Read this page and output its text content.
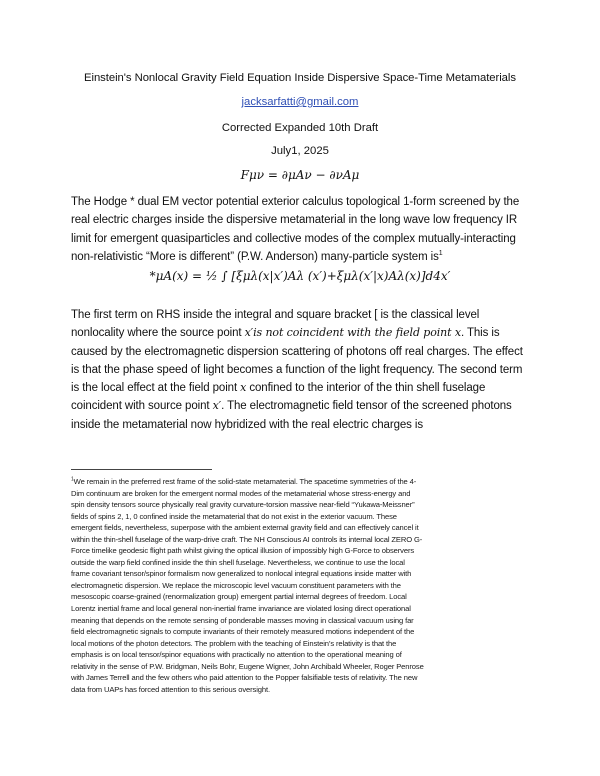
Einstein's Nonlocal Gravity Field Equation Inside Dispersive Space-Time Metamaterials
jacksarfatti@gmail.com
Corrected Expanded 10th Draft
July1, 2025
Fμν = ∂μAν − ∂νAμ
The Hodge * dual EM vector potential exterior calculus topological 1-form screened by the
real electric charges inside the dispersive metamaterial in the long wave low frequency IR
limit for emergent quasiparticles and collective modes of the complex mutually-interacting
non-relativistic “More is different” (P.W. Anderson) many-particle system is$^1$
*μA(x) = ½ ∫ [ξμλ(x|x′)Aλ (x′)+ξμλ(x′|x)Aλ(x)]d4x′
The first term on RHS inside the integral and square bracket [ is the classical level
nonlocality where the source point x′is not coincident with the field point x. This is
caused by the electromagnetic dispersion scattering of photons off real charges. The effect
is that the phase speed of light becomes a function of the light frequency. The second term
is the local effect at the field point x confined to the interior of the thin shell fuselage
coincident with source point x′. The electromagnetic field tensor of the screened photons
inside the metamaterial now hybridized with the real electric charges is
$^1$We remain in the preferred rest frame of the solid-state metamaterial. The spacetime symmetries of the 4-
Dim continuum are broken for the emergent normal modes of the metamaterial whose stress-energy and
spin density tensors source physically real gravity curvature-torsion massive near-field “Yukawa-Meissner”
fields of spins 2, 1, 0 confined inside the metamaterial that do not exist in the exterior vacuum. These
emergent fields, nevertheless, superpose with the ambient external gravity field and can effectively cancel it
within the thin-shell fuselage of the warp-drive craft. The NH Conscious AI controls its internal local ZERO G-
Force timelike geodesic flight path whilst giving the optical illusion of impossibly high G-Force to observers
outside the warp field confined inside the thin shell fuselage. Nevertheless, we continue to use the local
frame covariant tensor/spinor formalism now generalized to nonlocal integral equations inside matter with
electromagnetic dispersion. We replace the microscopic level vacuum constituent parameters with the
mesoscopic coarse-grained (renormalization group) emergent partial internal degrees of freedom. Local
Lorentz inertial frame and local general non-inertial frame invariance are violated losing direct operational
meaning that depends on the remote sensing of ponderable masses moving in classical vacuum using far
field electromagnetic signals to compute invariants of their remotely measured motions independent of the
local motions of the photon detectors. The problem with the teaching of Einstein’s relativity is that the
emphasis is on local tensor/spinor equations with practically no attention to the operational meaning of
relativity in the sense of P.W. Bridgman, Neils Bohr, Eugene Wigner, John Archibald Wheeler, Roger Penrose
with James Terrell and the few others who paid attention to the Popper falsifiable tests of relativity. The new
data from UAPs has forced attention to this serious oversight.
